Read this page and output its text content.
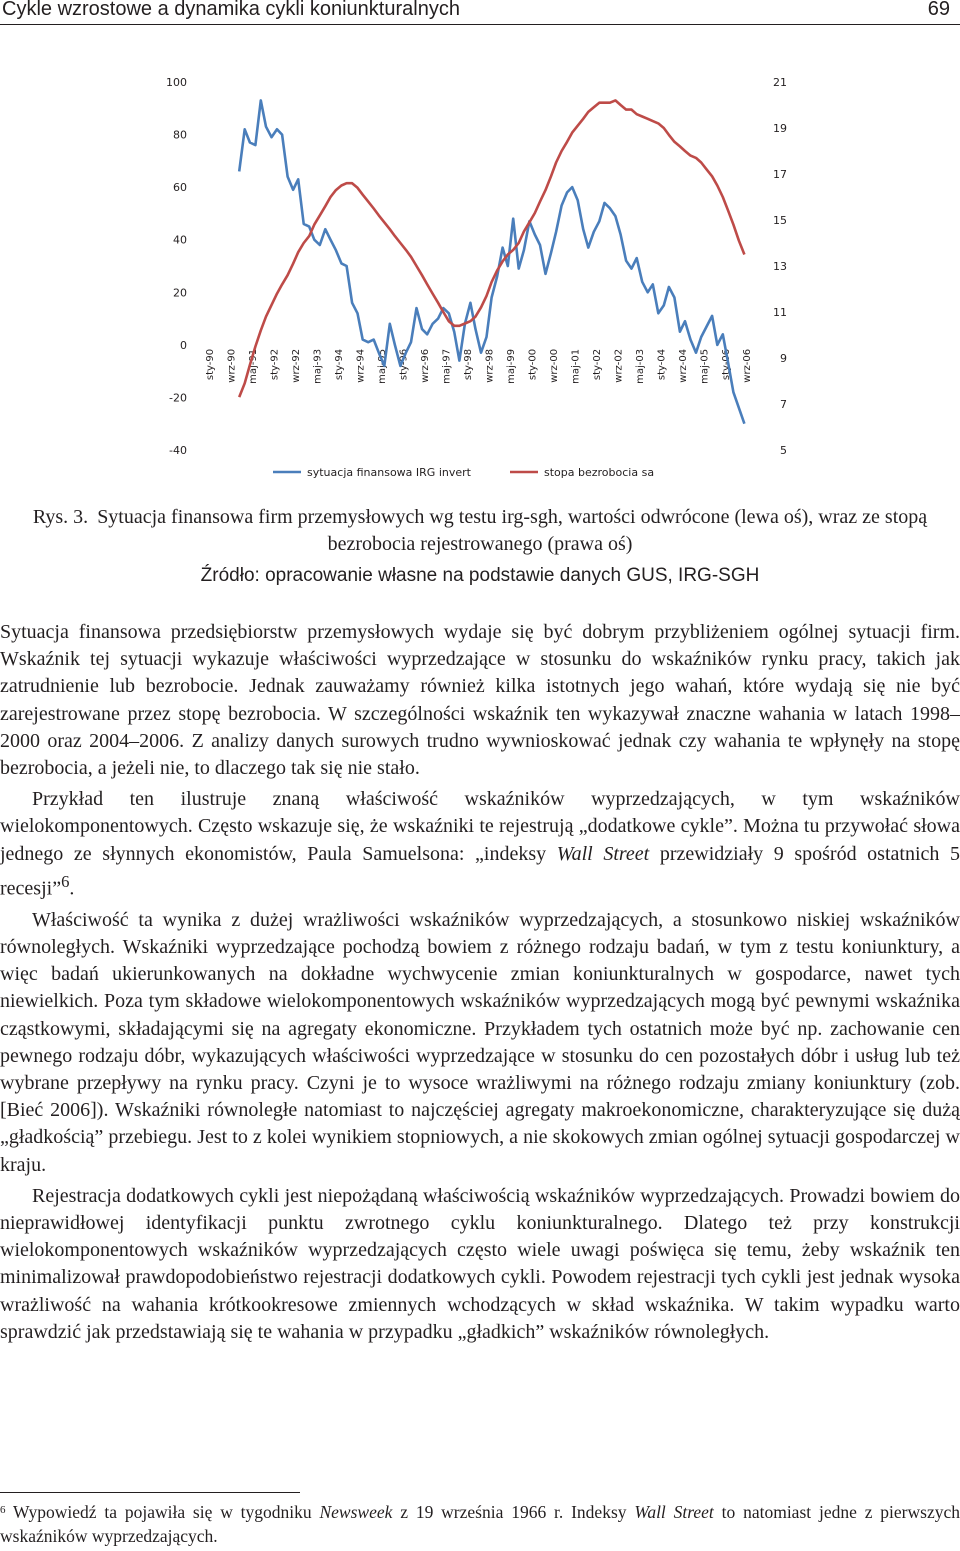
Cykle wzrostowe a dynamika cykli koniunkturalnych	69
100
80
60
40
20
0
-20
-40
21
19
17
15
13
11
9
7
5
sty-90 wrz-90 maj-91 sty-92 wrz-92 maj-93 sty-94 wrz-94 maj-95 sty-96 wrz-96 maj-97 sty-98 wrz-98 maj-99 sty-00 wrz-00 maj-01 sty-02 wrz-02 maj-03 sty-04 wrz-04 maj-05 sty-06 wrz-06
sytuacja finansowa IRG invert	stopa bezrobocia sa

Rys. 3. Sytuacja finansowa firm przemysłowych wg testu irg-sgh, wartości odwrócone (lewa oś), wraz ze stopą bezrobocia rejestrowanego (prawa oś)

Źródło: opracowanie własne na podstawie danych GUS, IRG-SGH

Sytuacja finansowa przedsiębiorstw przemysłowych wydaje się być dobrym przybliżeniem ogólnej sytuacji firm. Wskaźnik tej sytuacji wykazuje właściwości wyprzedzające w stosunku do wskaźników rynku pracy, takich jak zatrudnienie lub bezrobocie. Jednak zauważamy również kilka istotnych jego wahań, które wydają się nie być zarejestrowane przez stopę bezrobocia. W szczególności wskaźnik ten wykazywał znaczne wahania w latach 1998–2000 oraz 2004–2006. Z analizy danych surowych trudno wywnioskować jednak czy wahania te wpłynęły na stopę bezrobocia, a jeżeli nie, to dlaczego tak się nie stało.

Przykład ten ilustruje znaną właściwość wskaźników wyprzedzających, w tym wskaźników wielokomponentowych. Często wskazuje się, że wskaźniki te rejestrują „dodatkowe cykle”. Można tu przywołać słowa jednego ze słynnych ekonomistów, Paula Samuelsona: „indeksy Wall Street przewidziały 9 spośród ostatnich 5 recesji”$^6$.

Właściwość ta wynika z dużej wrażliwości wskaźników wyprzedzających, a stosunkowo niskiej wskaźników równoległych. Wskaźniki wyprzedzające pochodzą bowiem z różnego rodzaju badań, w tym z testu koniunktury, a więc badań ukierunkowanych na dokładne wychwycenie zmian koniunkturalnych w gospodarce, nawet tych niewielkich. Poza tym składowe wielokomponentowych wskaźników wyprzedzających mogą być pewnymi wskaźnika cząstkowymi, składającymi się na agregaty ekonomiczne. Przykładem tych ostatnich może być np. zachowanie cen pewnego rodzaju dóbr, wykazujących właściwości wyprzedzające w stosunku do cen pozostałych dóbr i usług lub też wybrane przepływy na rynku pracy. Czyni je to wysoce wrażliwymi na różnego rodzaju zmiany koniunktury (zob. [Bieć 2006]). Wskaźniki równoległe natomiast to najczęściej agregaty makroekonomiczne, charakteryzujące się dużą „gładkością” przebiegu. Jest to z kolei wynikiem stopniowych, a nie skokowych zmian ogólnej sytuacji gospodarczej w kraju.

Rejestracja dodatkowych cykli jest niepożądaną właściwością wskaźników wyprzedzających. Prowadzi bowiem do nieprawidłowej identyfikacji punktu zwrotnego cyklu koniunkturalnego. Dlatego też przy konstrukcji wielokomponentowych wskaźników wyprzedzających często wiele uwagi poświęca się temu, żeby wskaźnik ten minimalizował prawdopodobieństwo rejestracji dodatkowych cykli. Powodem rejestracji tych cykli jest jednak wysoka wrażliwość na wahania krótkookresowe zmiennych wchodzących w skład wskaźnika. W takim wypadku warto sprawdzić jak przedstawiają się te wahania w przypadku „gładkich” wskaźników równoległych.

$^6$ Wypowiedź ta pojawiła się w tygodniku Newsweek z 19 września 1966 r. Indeksy Wall Street to natomiast jedne z pierwszych wskaźników wyprzedzających.
